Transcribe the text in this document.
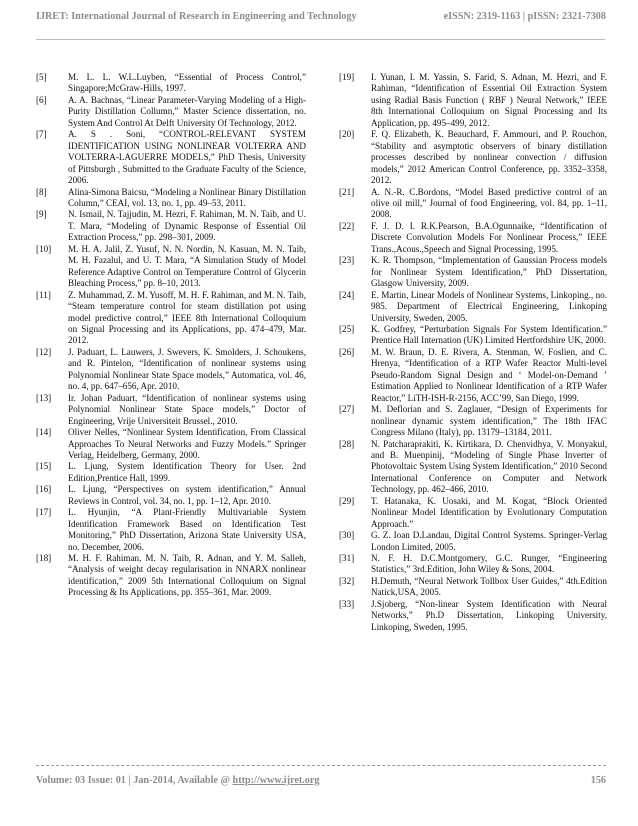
IJRET: International Journal of Research in Engineering and Technology	eISSN: 2319-1163 | pISSN: 2321-7308
[5] M. L. L. W.L.Luyben, “Essential of Process Control,” Singapore;McGraw-Hills, 1997.
[6] A. A. Bachnas, “Linear Parameter-Varying Modeling of a High-Purity Distillation Collumn,” Master Science dissertation, no. System And Control At Delft University Of Technology, 2012.
[7] A. S . Soni, “CONTROL-RELEVANT SYSTEM IDENTIFICATION USING NONLINEAR VOLTERRA AND VOLTERRA-LAGUERRE MODELS,” PhD Thesis, University of Pittsburgh , Submitted to the Graduate Faculty of the Science, 2006.
[8] Alina-Simona Baicsu, “Modeling a Nonlinear Binary Distillation Column,” CEAI, vol. 13, no. 1, pp. 49–53, 2011.
[9] N. Ismail, N. Tajjudin, M. Hezri, F. Rahiman, M. N. Taib, and U. T. Mara, “Modeling of Dynamic Response of Essential Oil Extraction Process,” pp. 298–301, 2009.
[10] M. H. A. Jalil, Z. Yusuf, N. N. Nordin, N. Kasuan, M. N. Taib, M. H. Fazalul, and U. T. Mara, “A Simulation Study of Model Reference Adaptive Control on Temperature Control of Glycerin Bleaching Process,” pp. 8–10, 2013.
[11] Z. Muhammad, Z. M. Yusoff, M. H. F. Rahiman, and M. N. Taib, “Steam temperature control for steam distillation pot using model predictive control,” IEEE 8th International Colloquium on Signal Processing and its Applications, pp. 474–479, Mar. 2012.
[12] J. Paduart, L. Lauwers, J. Swevers, K. Smolders, J. Schoukens, and R. Pintelon, “Identification of nonlinear systems using Polynomial Nonlinear State Space models,” Automatica, vol. 46, no. 4, pp. 647–656, Apr. 2010.
[13] Ir. Johan Paduart, “Identification of nonlinear systems using Polynomial Nonlinear State Space models,” Doctor of Engineering, Vrije Universiteit Brussel., 2010.
[14] Oliver Nelles, “Nonlinear System Identification, From Classical Approaches To Neural Networks and Fuzzy Models.” Springer Verlag, Heidelberg, Germany, 2000.
[15] L. Ljung, System Identification Theory for User. 2nd Edition,Prentice Hall, 1999.
[16] L. Ljung, “Perspectives on system identification,” Annual Reviews in Control, vol. 34, no. 1, pp. 1–12, Apr. 2010.
[17] L. Hyunjin, “A Plant-Friendly Multivariable System Identification Framework Based on Identification Test Monitoring,” PhD Dissertation, Arizona State University USA, no. December, 2006.
[18] M. H. F. Rahiman, M. N. Taib, R. Adnan, and Y. M. Salleh, “Analysis of weight decay regularisation in NNARX nonlinear identification,” 2009 5th International Colloquium on Signal Processing & Its Applications, pp. 355–361, Mar. 2009.
[19] I. Yunan, I. M. Yassin, S. Farid, S. Adnan, M. Hezri, and F. Rahiman, “Identification of Essential Oil Extraction System using Radial Basis Function ( RBF ) Neural Network,” IEEE 8th International Colloquium on Signal Processing and Its Application, pp. 495–499, 2012.
[20] F. Q. Elizabeth, K. Beauchard, F. Ammouri, and P. Rouchon, “Stability and asymptotic observers of binary distillation processes described by nonlinear convection / diffusion models,” 2012 American Control Conference, pp. 3352–3358, 2012.
[21] A. N.-R. C.Bordons, “Model Based predictive control of an olive oil mill,” Journal of food Engineering, vol. 84, pp. 1–11, 2008.
[22] F. J. D. I. R.K.Pearson, B.A.Ogunnaike, “Identification of Discrete Convolution Models For Nonlinear Process,” IEEE Trans.,Acous.,Speech and Signal Processing, 1995.
[23] K. R. Thompson, “Implementation of Gaussian Process models for Nonlinear System Identification,” PhD Dissertation, Glasgow University, 2009.
[24] E. Martin, Linear Models of Nonlinear Systems, Linkoping., no. 985. Department of Electrical Engineering, Linkoping University, Sweden, 2005.
[25] K. Godfrey, “Perturbation Signals For System Identification.” Prentice Hall Internation (UK) Limited Hertfordshire UK, 2000.
[26] M. W. Braun, D. E. Rivera, A. Stenman, W. Foslien, and C. Hrenya, “Identification of a RTP Wafer Reactor Multi-level Pseudo-Random Signal Design and ‘ Model-on-Demand ’ Estimation Applied to Nonlinear Identification of a RTP Wafer Reactor,” LiTH-ISH-R-2156, ACC’99, San Diego, 1999.
[27] M. Deflorian and S. Zaglauer, “Design of Experiments for nonlinear dynamic system identification,” The 18th IFAC Congress Milano (Italy), pp. 13179–13184, 2011.
[28] N. Patcharaprakiti, K. Kirtikara, D. Chenvidhya, V. Monyakul, and B. Muenpinij, “Modeling of Single Phase Inverter of Photovoltaic System Using System Identification,” 2010 Second International Conference on Computer and Network Technology, pp. 462–466, 2010.
[29] T. Hatanaka, K. Uosaki, and M. Kogat, “Block Oriented Nonlinear Model Identification by Evolutionary Computation Approach.”
[30] G. Z. Ioan D.Landau, Digital Control Systems. Springer-Verlag London Limited, 2005.
[31] N. F. H. D.C.Montgomery, G.C. Runger, “Engineering Statistics,” 3rd.Edition, John Wiley & Sons, 2004.
[32] H.Demuth, “Neural Network Tollbox User Guides,” 4th.Edition Natick,USA, 2005.
[33] J.Sjoberg, “Non-linear System Identification with Neural Networks,” Ph.D Dissertation, Linkoping University, Linkoping, Sweden, 1995.
Volume: 03 Issue: 01 | Jan-2014, Available @ http://www.ijret.org	156
